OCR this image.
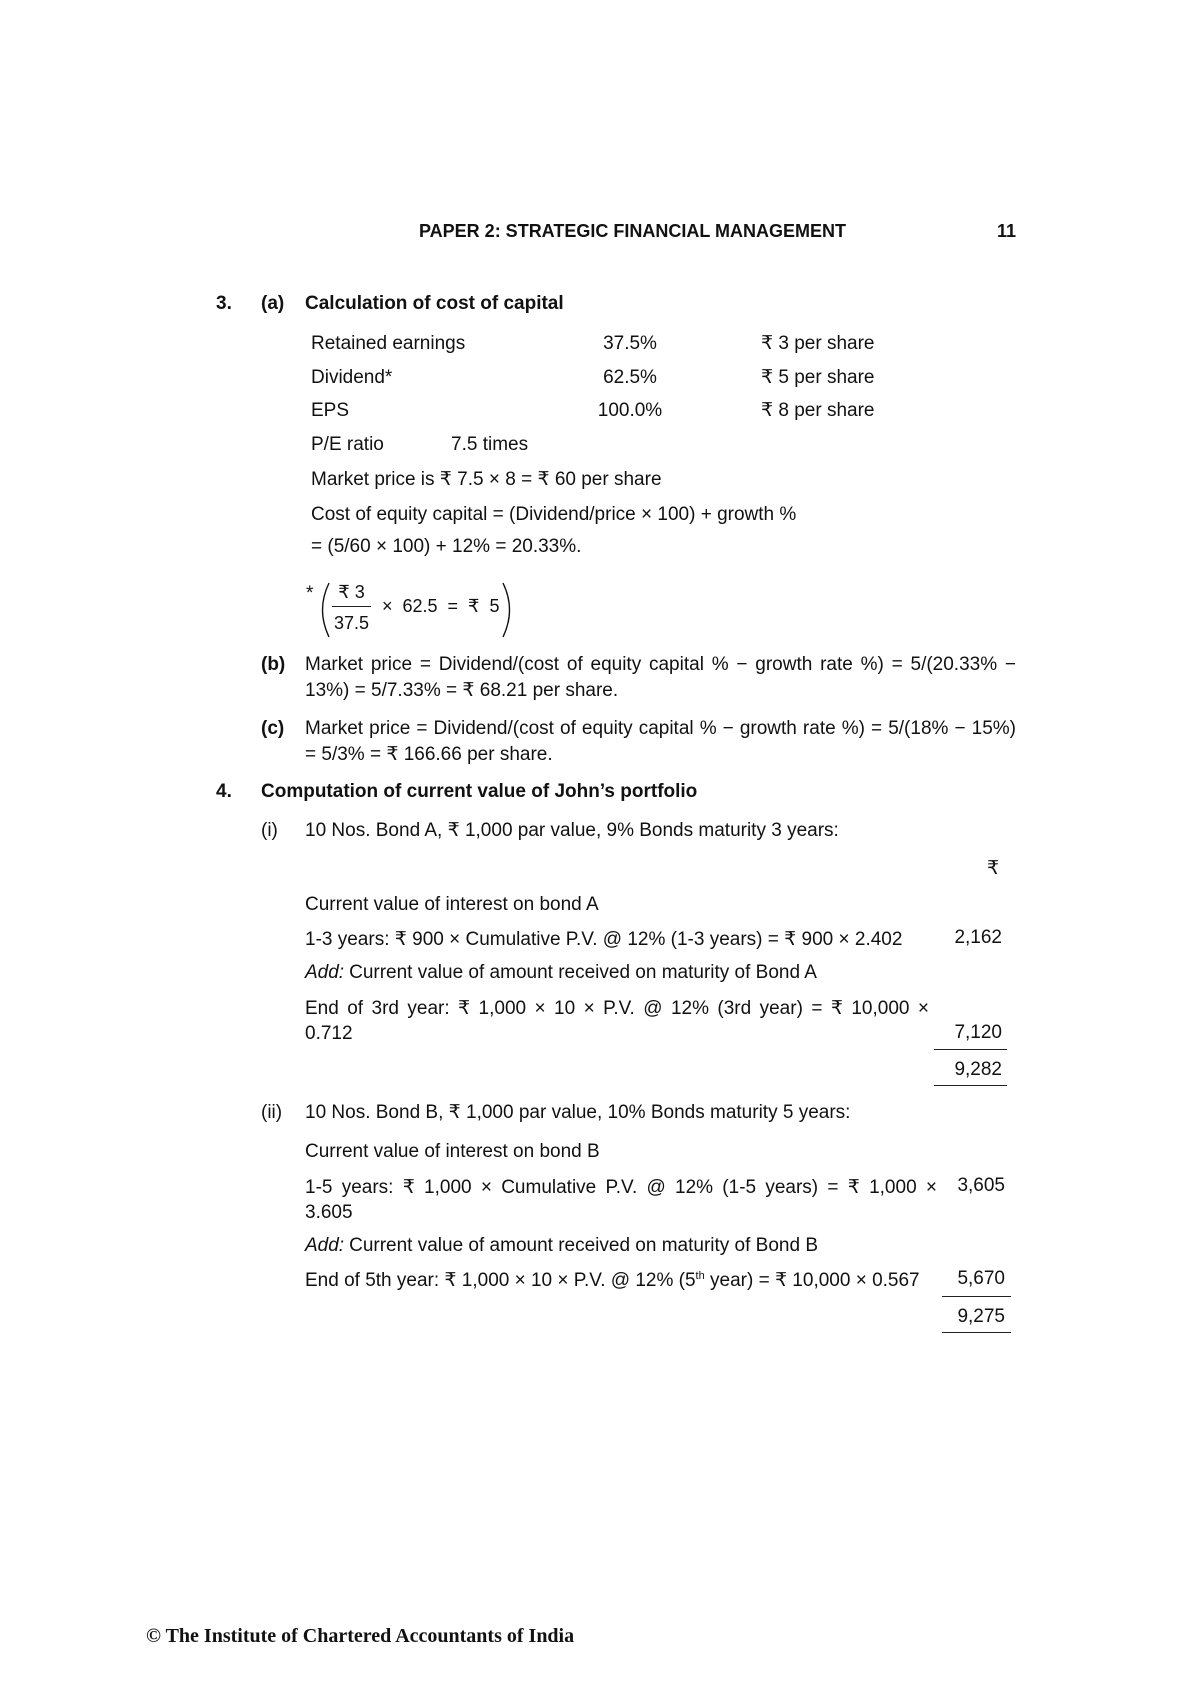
PAPER 2: STRATEGIC FINANCIAL MANAGEMENT	11
3. (a) Calculation of cost of capital
Retained earnings	37.5%	₹ 3 per share
Dividend*	62.5%	₹ 5 per share
EPS	100.0%	₹ 8 per share
P/E ratio	7.5 times
Market price is ₹ 7.5 × 8 = ₹ 60 per share
Cost of equity capital = (Dividend/price × 100) + growth %
= (5/60 × 100) + 12% = 20.33%.
*	₹ 3
37.5
× 62.5 = ₹ 5
(b) Market price = Dividend/(cost of equity capital % − growth rate %) = 5/(20.33% −
13%) = 5/7.33% = ₹ 68.21 per share.
(c) Market price = Dividend/(cost of equity capital % − growth rate %) = 5/(18% − 15%)
= 5/3% = ₹ 166.66 per share.
4. Computation of current value of John’s portfolio
(i) 10 Nos. Bond A, ₹ 1,000 par value, 9% Bonds maturity 3 years:
₹
Current value of interest on bond A
1-3 years: ₹ 900 × Cumulative P.V. @ 12% (1-3 years) = ₹ 900 × 2.402	2,162
Add: Current value of amount received on maturity of Bond A
End of 3rd year: ₹ 1,000 × 10 × P.V. @ 12% (3rd year) = ₹ 10,000 ×
0.712	7,120
9,282
(ii) 10 Nos. Bond B, ₹ 1,000 par value, 10% Bonds maturity 5 years:
Current value of interest on bond B
1-5 years: ₹ 1,000 × Cumulative P.V. @ 12% (1-5 years) = ₹ 1,000 ×
3.605
3,605
Add: Current value of amount received on maturity of Bond B
End of 5th year: ₹ 1,000 × 10 × P.V. @ 12% (5th year) = ₹ 10,000 × 0.567	5,670
9,275
© The Institute of Chartered Accountants of India
